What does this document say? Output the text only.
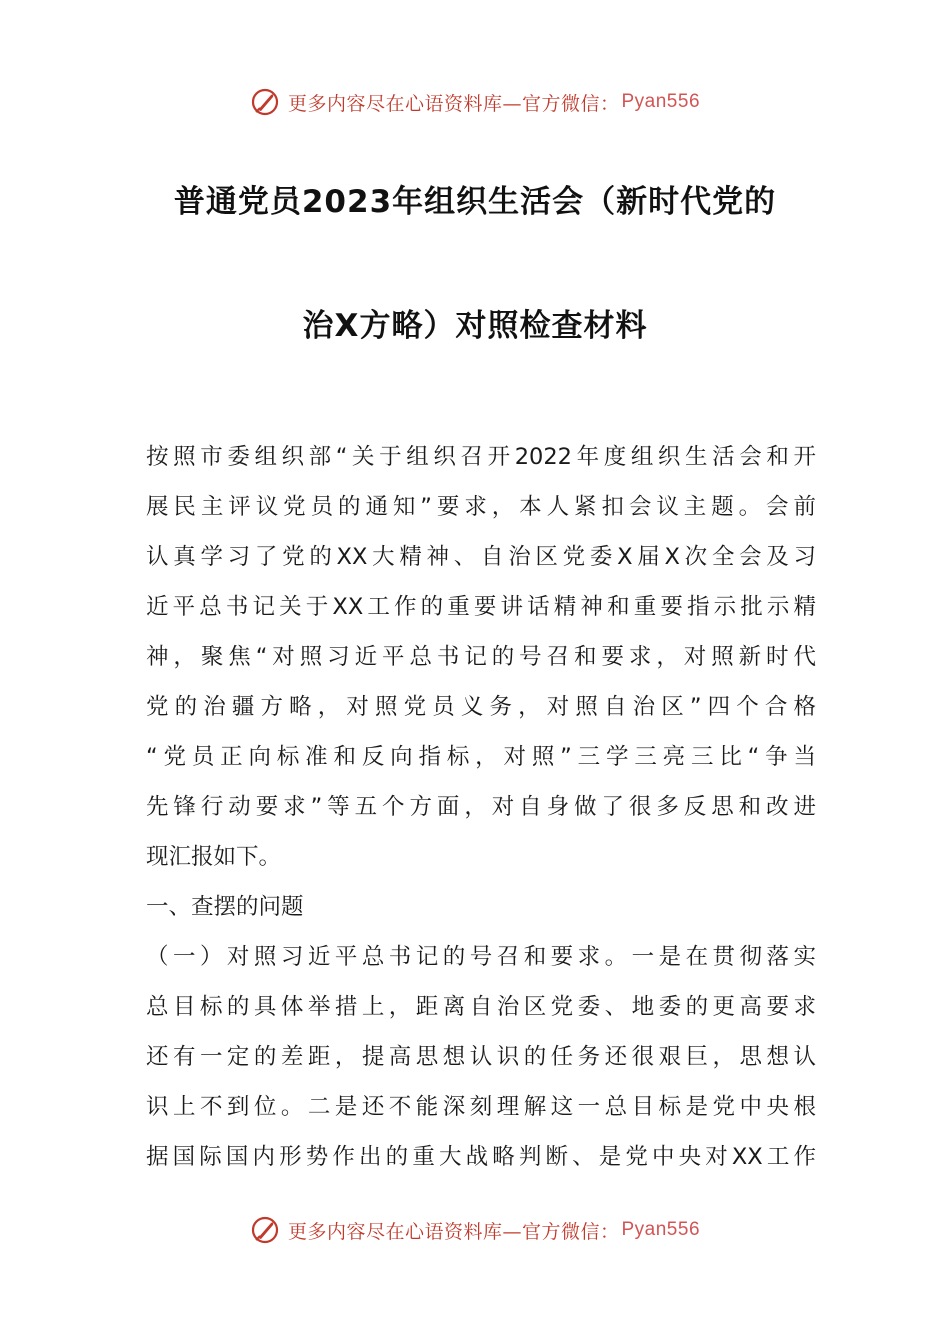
更多内容尽在心语资料库—官方微信： Pyan556
普通党员2023年组织生活会（新时代党的
治X方略）对照检查材料
按照市委组织部“关于组织召开2022年度组织生活会和开
展民主评议党员的通知”要求，本人紧扣会议主题。会前
认真学习了党的XX大精神、自治区党委X届X次全会及习
近平总书记关于XX工作的重要讲话精神和重要指示批示精
神，聚焦“对照习近平总书记的号召和要求，对照新时代
党的治疆方略，对照党员义务，对照自治区”四个合格
“党员正向标准和反向指标，对照”三学三亮三比“争当
先锋行动要求”等五个方面，对自身做了很多反思和改进
现汇报如下。
一、查摆的问题
（一）对照习近平总书记的号召和要求。一是在贯彻落实
总目标的具体举措上，距离自治区党委、地委的更高要求
还有一定的差距，提高思想认识的任务还很艰巨，思想认
识上不到位。二是还不能深刻理解这一总目标是党中央根
据国际国内形势作出的重大战略判断、是党中央对XX工作
更多内容尽在心语资料库—官方微信： Pyan556
